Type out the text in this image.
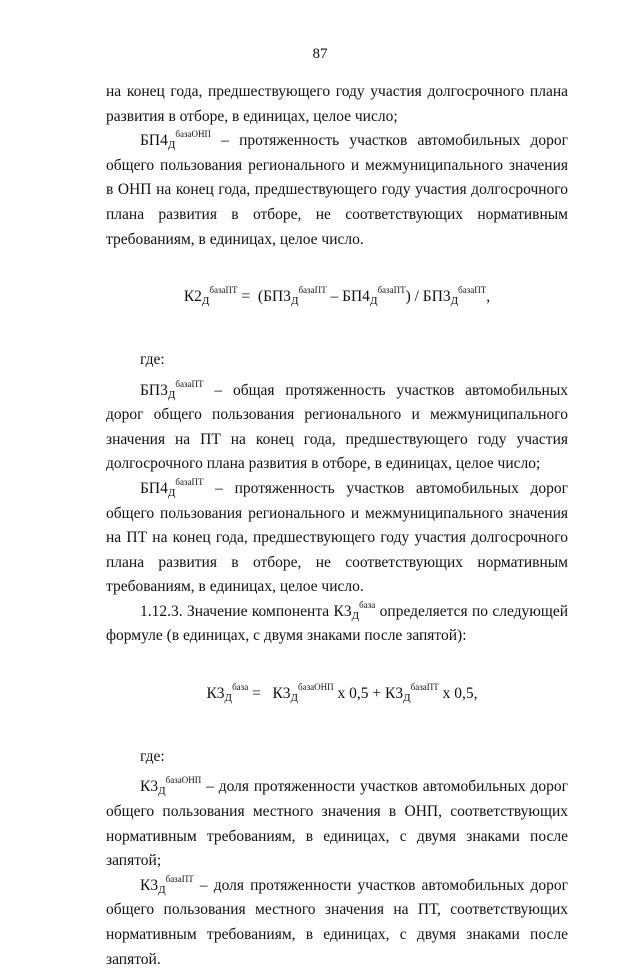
87

на конец года, предшествующего году участия долгосрочного плана развития в отборе, в единицах, целое число;

$БП4_Д^{базаОНП}$ – протяженность участков автомобильных дорог общего пользования регионального и межмуниципального значения в ОНП на конец года, предшествующего году участия долгосрочного плана развития в отборе, не соответствующих нормативным требованиям, в единицах, целое число.

$К2_Д^{базаПТ} = (БП3_Д^{базаПТ} - БП4_Д^{базаПТ}) / БП3_Д^{базаПТ}$,

где:

$БП3_Д^{базаПТ}$ – общая протяженность участков автомобильных дорог общего пользования регионального и межмуниципального значения на ПТ на конец года, предшествующего году участия долгосрочного плана развития в отборе, в единицах, целое число;

$БП4_Д^{базаПТ}$ – протяженность участков автомобильных дорог общего пользования регионального и межмуниципального значения на ПТ на конец года, предшествующего году участия долгосрочного плана развития в отборе, не соответствующих нормативным требованиям, в единицах, целое число.

1.12.3. Значение компонента $К3_Д^{база}$ определяется по следующей формуле (в единицах, с двумя знаками после запятой):

$К3_Д^{база} = К3_Д^{базаОНП}$ х $0,5 + К3_Д^{базаПТ}$ х 0,5,

где:

$К3_Д^{базаОНП}$ – доля протяженности участков автомобильных дорог общего пользования местного значения в ОНП, соответствующих нормативным требованиям, в единицах, с двумя знаками после запятой;

$К3_Д^{базаПТ}$ – доля протяженности участков автомобильных дорог общего пользования местного значения на ПТ, соответствующих нормативным требованиям, в единицах, с двумя знаками после запятой.
